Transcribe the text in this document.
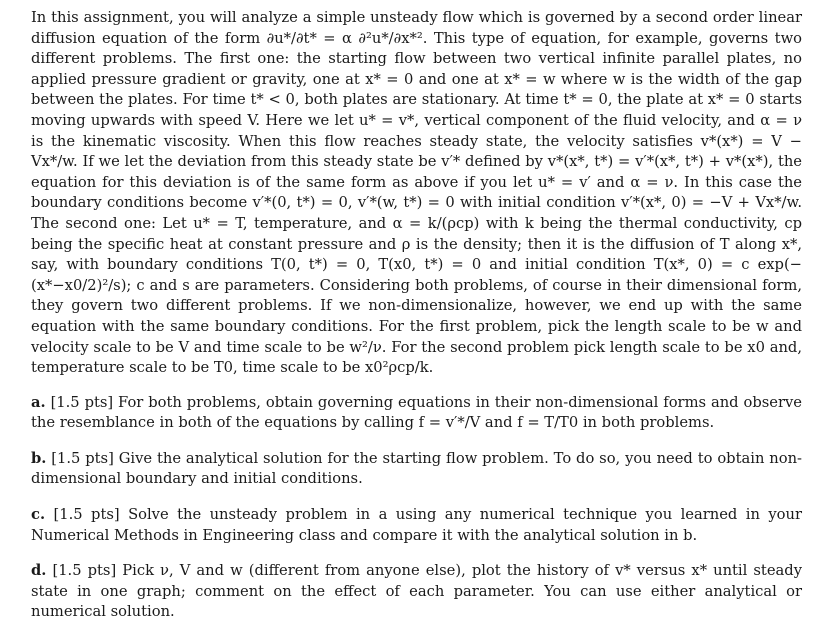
In this assignment, you will analyze a simple unsteady flow which is governed by a second order linear diffusion equation of the form ∂u*/∂t* = α ∂²u*/∂x*². This type of equation, for example, governs two different problems. The first one: the starting flow between two vertical infinite parallel plates, no applied pressure gradient or gravity, one at x* = 0 and one at x* = w where w is the width of the gap between the plates. For time t* < 0, both plates are stationary. At time t* = 0, the plate at x* = 0 starts moving upwards with speed V. Here we let u* = v*, vertical component of the fluid velocity, and α = ν is the kinematic viscosity. When this flow reaches steady state, the velocity satisfies v*(x*) = V − Vx*/w. If we let the deviation from this steady state be v′* defined by v*(x*, t*) = v′*(x*, t*) + v*(x*), the equation for this deviation is of the same form as above if you let u* = v′ and α = ν. In this case the boundary conditions become v′*(0, t*) = 0, v′*(w, t*) = 0 with initial condition v′*(x*, 0) = −V + Vx*/w. The second one: Let u* = T, temperature, and α = k/(ρcp) with k being the thermal conductivity, cp being the specific heat at constant pressure and ρ is the density; then it is the diffusion of T along x*, say, with boundary conditions T(0, t*) = 0, T(x0, t*) = 0 and initial condition T(x*, 0) = c exp(−(x*−x0/2)²/s); c and s are parameters. Considering both problems, of course in their dimensional form, they govern two different problems. If we non-dimensionalize, however, we end up with the same equation with the same boundary conditions. For the first problem, pick the length scale to be w and velocity scale to be V and time scale to be w²/ν. For the second problem pick length scale to be x0 and, temperature scale to be T0, time scale to be x0²ρcp/k.

a. [1.5 pts] For both problems, obtain governing equations in their non-dimensional forms and observe the resemblance in both of the equations by calling f = v′*/V and f = T/T0 in both problems.

b. [1.5 pts] Give the analytical solution for the starting flow problem. To do so, you need to obtain non-dimensional boundary and initial conditions.

c. [1.5 pts] Solve the unsteady problem in a using any numerical technique you learned in your Numerical Methods in Engineering class and compare it with the analytical solution in b.

d. [1.5 pts] Pick ν, V and w (different from anyone else), plot the history of v* versus x* until steady state in one graph; comment on the effect of each parameter. You can use either analytical or numerical solution.
